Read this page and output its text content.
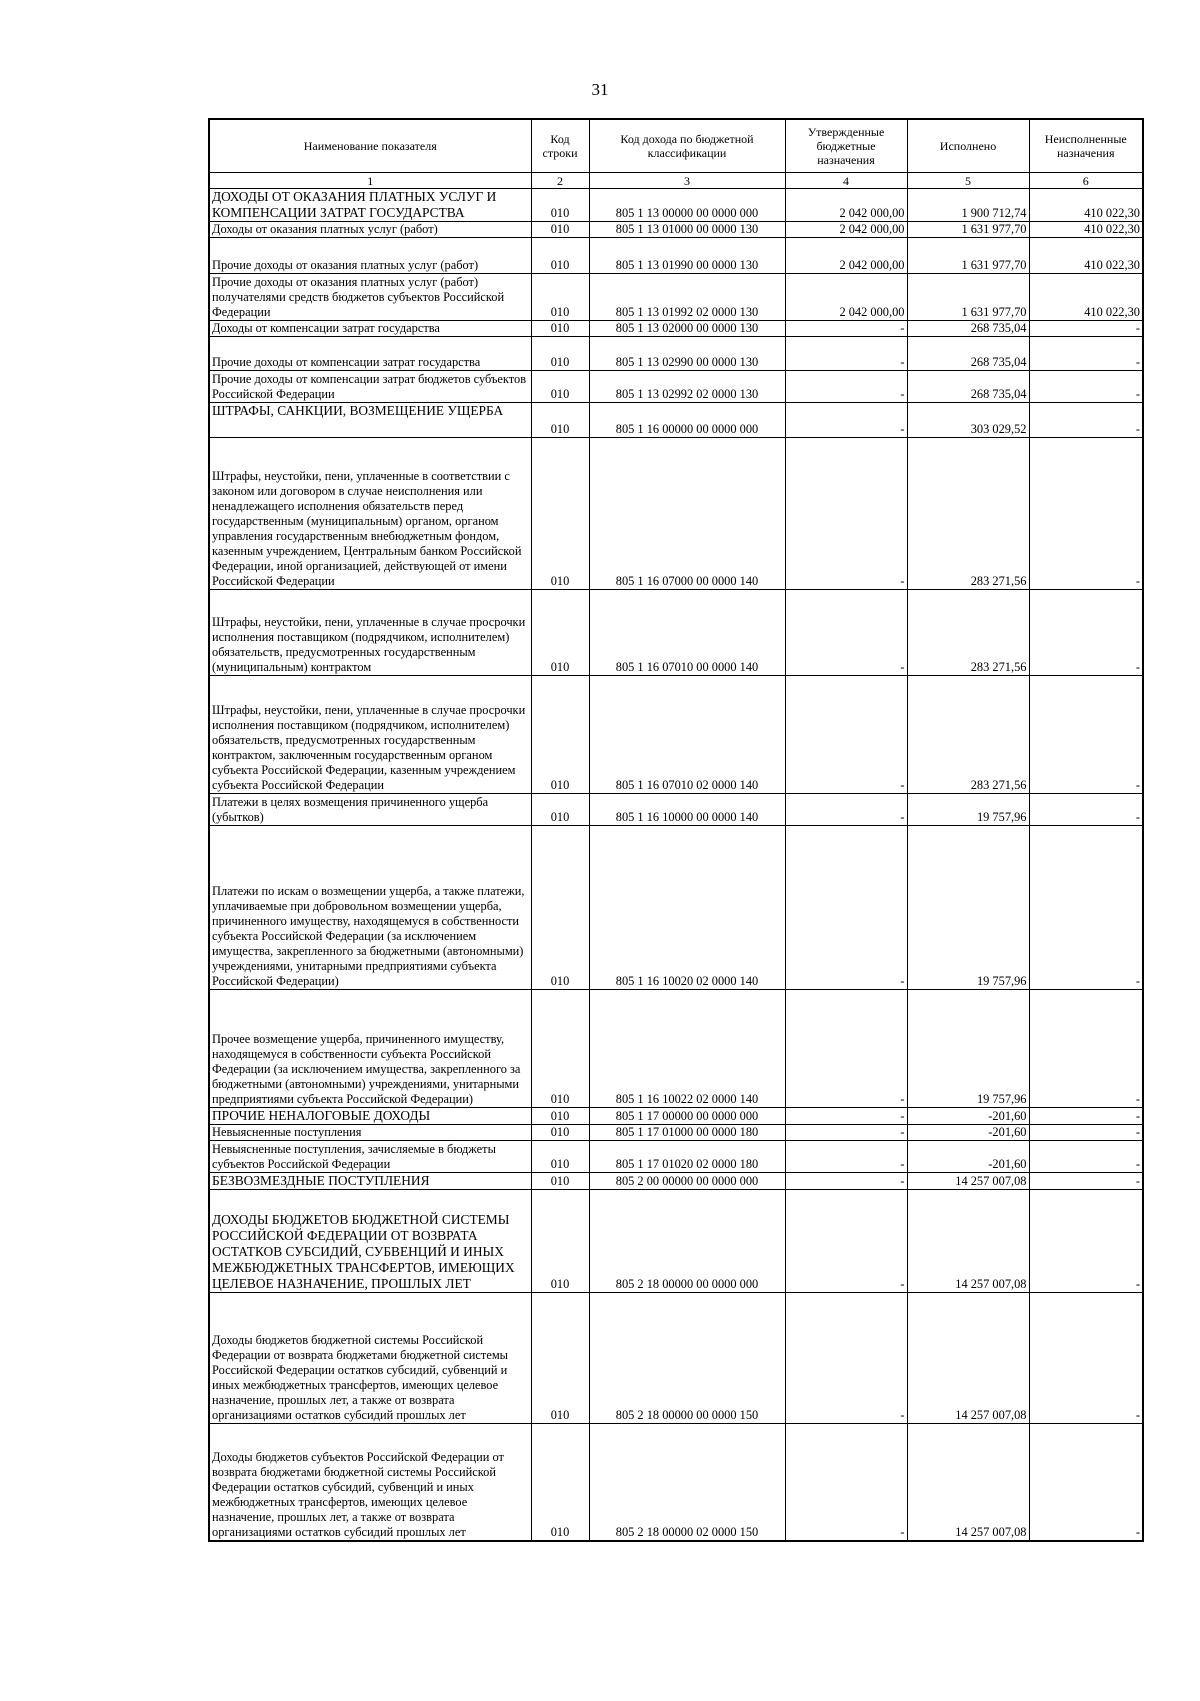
31
Наименование показателя	Код строки	Код дохода по бюджетной классификации	Утвержденные бюджетные назначения	Исполнено	Неисполненные назначения
1	2	3	4	5	6
ДОХОДЫ ОТ ОКАЗАНИЯ ПЛАТНЫХ УСЛУГ И КОМПЕНСАЦИИ ЗАТРАТ ГОСУДАРСТВА	010	805 1 13 00000 00 0000 000	2 042 000,00	1 900 712,74	410 022,30
Доходы от оказания платных услуг (работ)	010	805 1 13 01000 00 0000 130	2 042 000,00	1 631 977,70	410 022,30
Прочие доходы от оказания платных услуг (работ)	010	805 1 13 01990 00 0000 130	2 042 000,00	1 631 977,70	410 022,30
Прочие доходы от оказания платных услуг (работ) получателями средств бюджетов субъектов Российской Федерации	010	805 1 13 01992 02 0000 130	2 042 000,00	1 631 977,70	410 022,30
Доходы от компенсации затрат государства	010	805 1 13 02000 00 0000 130	-	268 735,04	-
Прочие доходы от компенсации затрат государства	010	805 1 13 02990 00 0000 130	-	268 735,04	-
Прочие доходы от компенсации затрат бюджетов субъектов Российской Федерации	010	805 1 13 02992 02 0000 130	-	268 735,04	-
ШТРАФЫ, САНКЦИИ, ВОЗМЕЩЕНИЕ УЩЕРБА	010	805 1 16 00000 00 0000 000	-	303 029,52	-
Штрафы, неустойки, пени, уплаченные в соответствии с законом или договором в случае неисполнения или ненадлежащего исполнения обязательств перед государственным (муниципальным) органом, органом управления государственным внебюджетным фондом, казенным учреждением, Центральным банком Российской Федерации, иной организацией, действующей от имени Российской Федерации	010	805 1 16 07000 00 0000 140	-	283 271,56	-
Штрафы, неустойки, пени, уплаченные в случае просрочки исполнения поставщиком (подрядчиком, исполнителем) обязательств, предусмотренных государственным (муниципальным) контрактом	010	805 1 16 07010 00 0000 140	-	283 271,56	-
Штрафы, неустойки, пени, уплаченные в случае просрочки исполнения поставщиком (подрядчиком, исполнителем) обязательств, предусмотренных государственным контрактом, заключенным государственным органом субъекта Российской Федерации, казенным учреждением субъекта Российской Федерации	010	805 1 16 07010 02 0000 140	-	283 271,56	-
Платежи в целях возмещения причиненного ущерба (убытков)	010	805 1 16 10000 00 0000 140	-	19 757,96	-
Платежи по искам о возмещении ущерба, а также платежи, уплачиваемые при добровольном возмещении ущерба, причиненного имуществу, находящемуся в собственности субъекта Российской Федерации (за исключением имущества, закрепленного за бюджетными (автономными) учреждениями, унитарными предприятиями субъекта Российской Федерации)	010	805 1 16 10020 02 0000 140	-	19 757,96	-
Прочее возмещение ущерба, причиненного имуществу, находящемуся в собственности субъекта Российской Федерации (за исключением имущества, закрепленного за бюджетными (автономными) учреждениями, унитарными предприятиями субъекта Российской Федерации)	010	805 1 16 10022 02 0000 140	-	19 757,96	-
ПРОЧИЕ НЕНАЛОГОВЫЕ ДОХОДЫ	010	805 1 17 00000 00 0000 000	-	-201,60	-
Невыясненные поступления	010	805 1 17 01000 00 0000 180	-	-201,60	-
Невыясненные поступления, зачисляемые в бюджеты субъектов Российской Федерации	010	805 1 17 01020 02 0000 180	-	-201,60	-
БЕЗВОЗМЕЗДНЫЕ ПОСТУПЛЕНИЯ	010	805 2 00 00000 00 0000 000	-	14 257 007,08	-
ДОХОДЫ БЮДЖЕТОВ БЮДЖЕТНОЙ СИСТЕМЫ РОССИЙСКОЙ ФЕДЕРАЦИИ ОТ ВОЗВРАТА ОСТАТКОВ СУБСИДИЙ, СУБВЕНЦИЙ И ИНЫХ МЕЖБЮДЖЕТНЫХ ТРАНСФЕРТОВ, ИМЕЮЩИХ ЦЕЛЕВОЕ НАЗНАЧЕНИЕ, ПРОШЛЫХ ЛЕТ	010	805 2 18 00000 00 0000 000	-	14 257 007,08	-
Доходы бюджетов бюджетной системы Российской Федерации от возврата бюджетами бюджетной системы Российской Федерации остатков субсидий, субвенций и иных межбюджетных трансфертов, имеющих целевое назначение, прошлых лет, а также от возврата организациями остатков субсидий прошлых лет	010	805 2 18 00000 00 0000 150	-	14 257 007,08	-
Доходы бюджетов субъектов Российской Федерации от возврата бюджетами бюджетной системы Российской Федерации остатков субсидий, субвенций и иных межбюджетных трансфертов, имеющих целевое назначение, прошлых лет, а также от возврата организациями остатков субсидий прошлых лет	010	805 2 18 00000 02 0000 150	-	14 257 007,08	-
